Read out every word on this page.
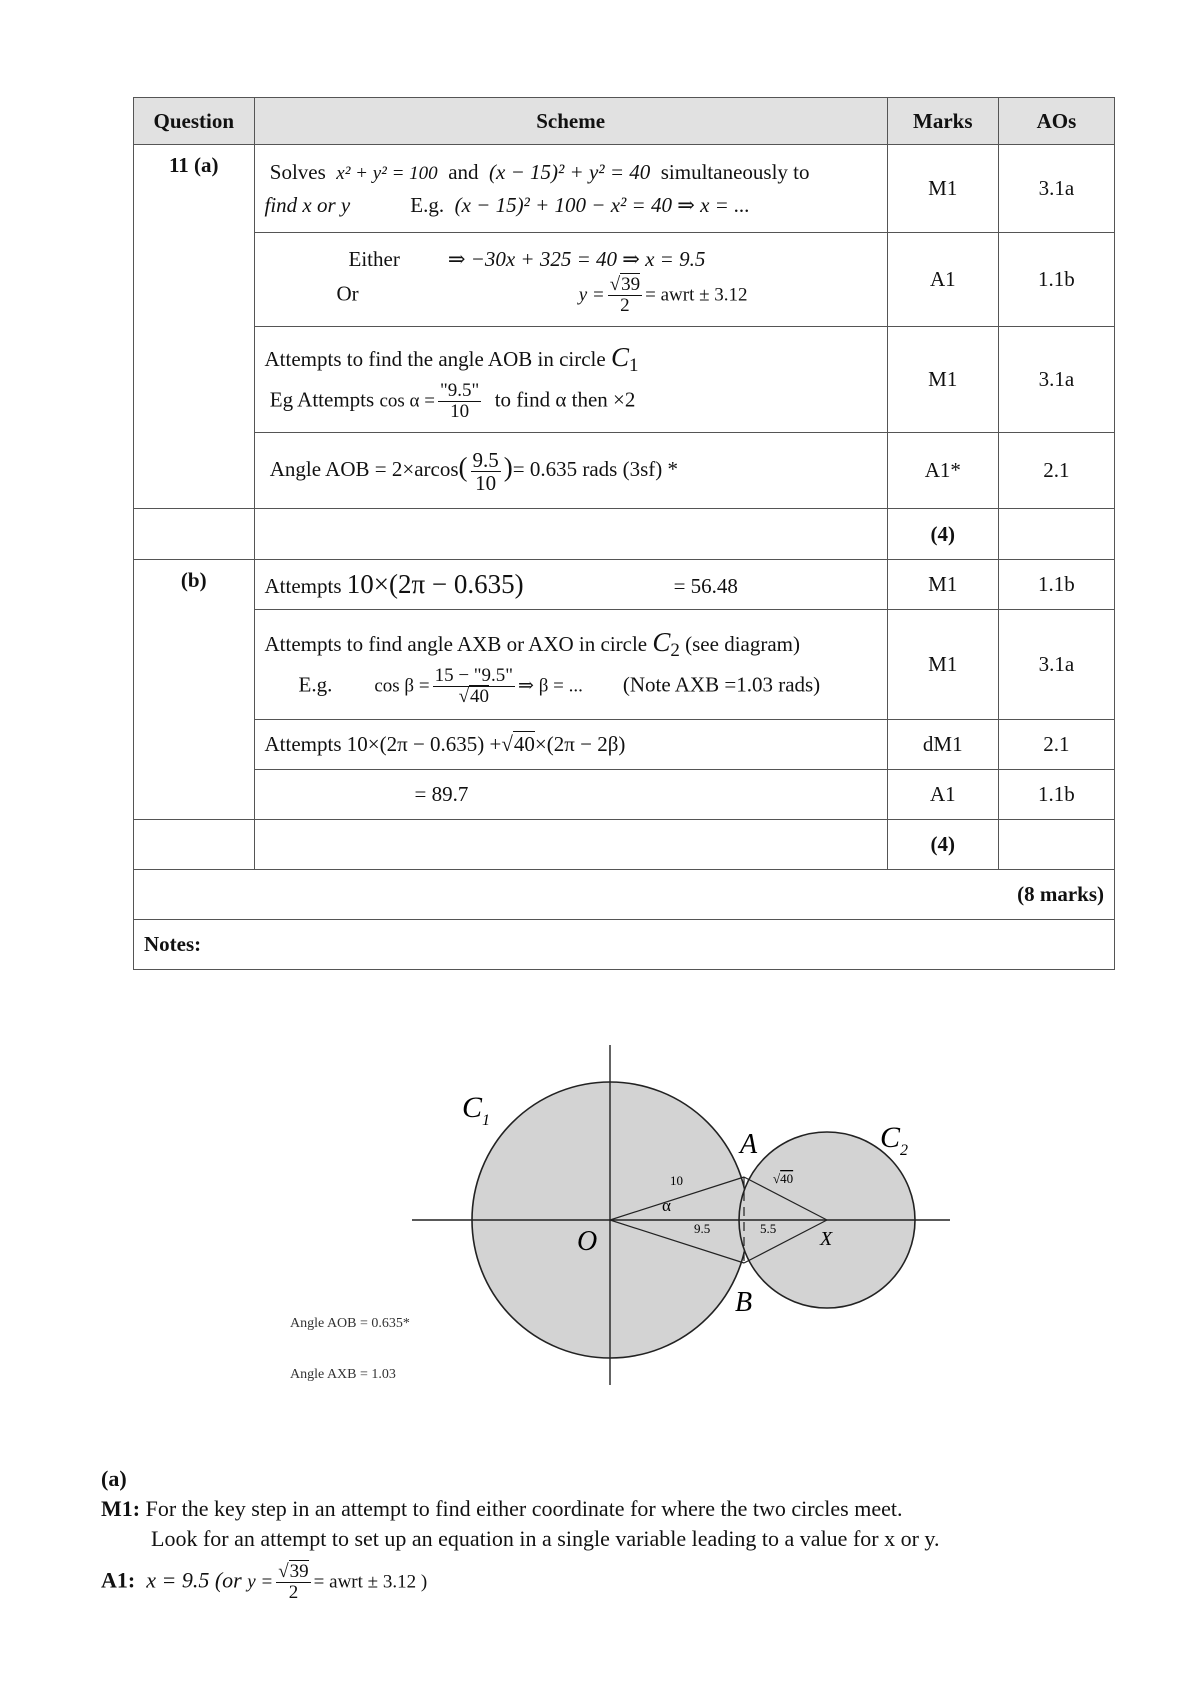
Question	Scheme	Marks	AOs

11 (a)	Solves x² + y² = 100 and (x − 15)² + y² = 40 simultaneously to
find x or y E.g. (x − 15)² + 100 − x² = 40 ⇒ x = ...	M1	3.1a

	Either ⇒ −30x + 325 = 40 ⇒ x = 9.5
Or $y = \frac{√39}{2}$ = awrt ± 3.12	A1	1.1b

	Attempts to find the angle AOB in circle $C_1$
Eg Attempts $\cos \alpha = \frac{"9.5"}{10}$ to find α then ×2	M1	3.1a
	Angle AOB = $2\times arcos( \frac{9.5}{10}$ )= 0.635 rads (3sf) *	A1*	2.1
		(4)	

(b)	Attempts 10×(2π − 0.635) = 56.48	M1	1.1b

	Attempts to find angle AXB or AXO in circle $C_2$ (see diagram)
E.g. $\cos \beta = \frac{15 - "9.5"}{√40}$ ⇒ β = ... (Note AXB =1.03 rads)	M1	3.1a
	Attempts 10×(2π − 0.635) +√40×(2π − 2β)	dM1	2.1
	= 89.7	A1	1.1b
		(4)	
(8 marks)			
Notes:			
$C_1$
$C_2$
A
B
O	X
10	√40
α
9.5	5.5
Angle AOB = 0.635*
Angle AXB = 1.03
(a)
M1: For the key step in an attempt to find either coordinate for where the two circles meet.
Look for an attempt to set up an equation in a single variable leading to a value for x or y.
A1: x = 9.5 (or $y = \frac{√39}{2}$ = awrt ± 3.12 )
